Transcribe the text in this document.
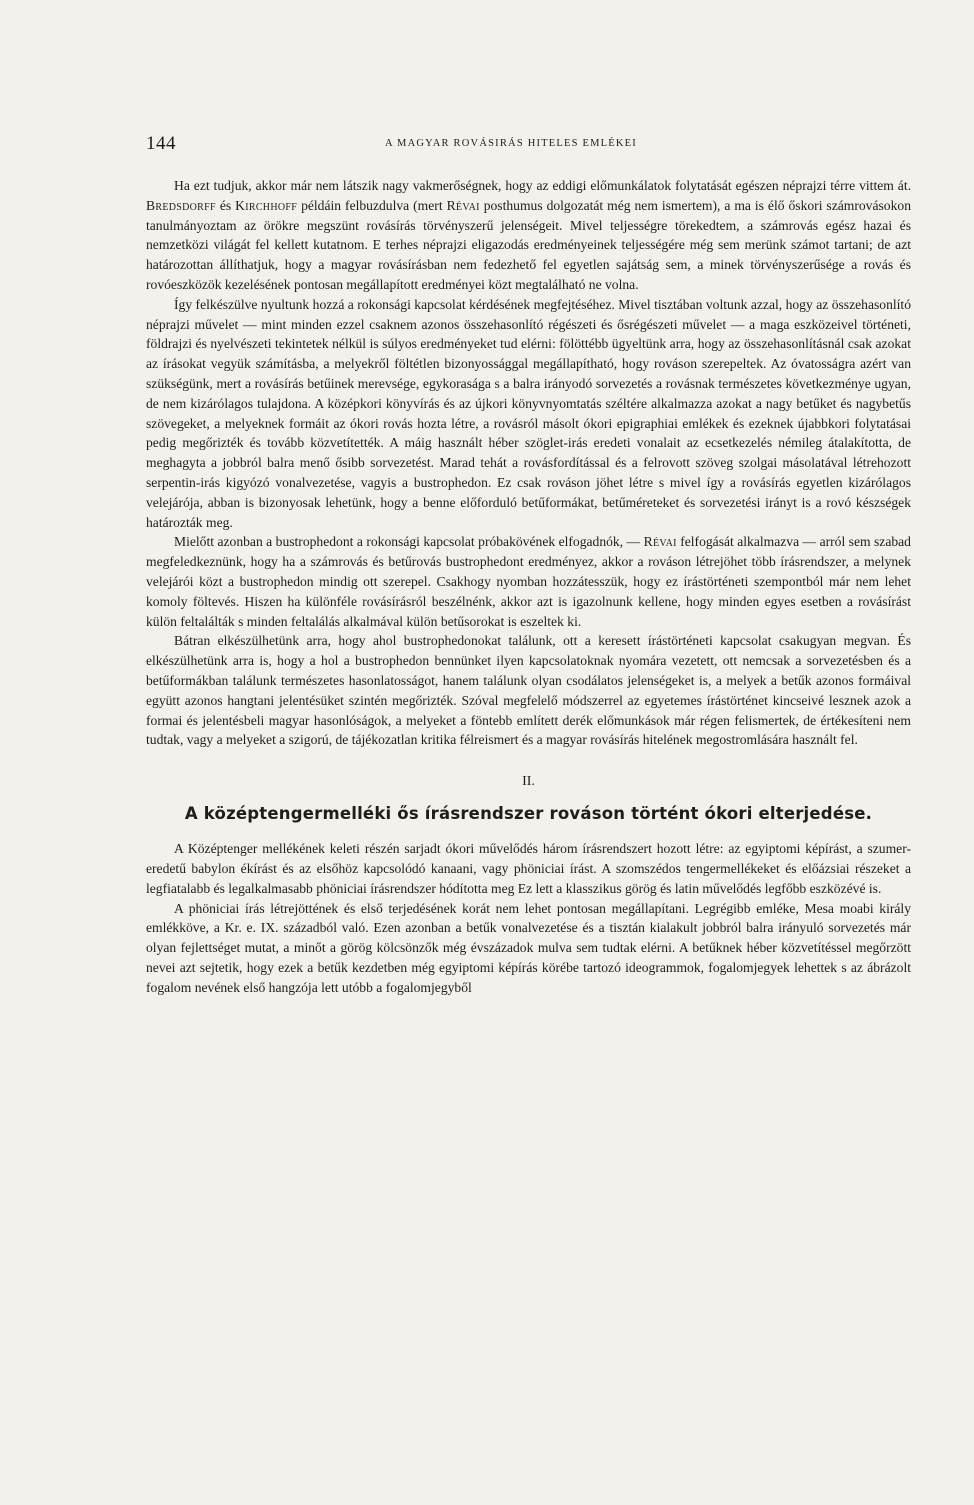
144	A MAGYAR ROVÁSIRÁS HITELES EMLÉKEI

Ha ezt tudjuk, akkor már nem látszik nagy vakmerőségnek, hogy az eddigi előmunkálatok folytatását egészen néprajzi térre vittem át. Bredsdorff és Kirchhoff példáin felbuzdulva (mert Révai posthumus dolgozatát még nem ismertem), a ma is élő őskori számrovásokon tanulmányoztam az örökre megszünt rovásírás törvényszerű jelenségeit. Mivel teljességre törekedtem, a számrovás egész hazai és nemzetközi világát fel kellett kutatnom. E terhes néprajzi eligazodás eredményeinek teljességére még sem merünk számot tartani; de azt határozottan állíthatjuk, hogy a magyar rovásírásban nem fedezhető fel egyetlen sajátság sem, a minek törvényszerűsége a rovás és rovóeszközök kezelésének pontosan megállapított eredményei közt megtalálható ne volna.

Így felkészülve nyultunk hozzá a rokonsági kapcsolat kérdésének megfejtéséhez. Mivel tisztában voltunk azzal, hogy az összehasonlító néprajzi művelet — mint minden ezzel csaknem azonos összehasonlító régészeti és ősrégészeti művelet — a maga eszközeivel történeti, földrajzi és nyelvészeti tekintetek nélkül is súlyos eredményeket tud elérni: fölöttébb ügyeltünk arra, hogy az összehasonlításnál csak azokat az írásokat vegyük számításba, a melyekről föltétlen bizonyossággal megállapítható, hogy rováson szerepeltek. Az óvatosságra azért van szükségünk, mert a rovásírás betűinek merevsége, egykorasága s a balra irányodó sorvezetés a rovásnak természetes következménye ugyan, de nem kizárólagos tulajdona. A középkori könyvírás és az újkori könyvnyomtatás széltére alkalmazza azokat a nagy betűket és nagybetűs szövegeket, a melyeknek formáit az ókori rovás hozta létre, a rovásról másolt ókori epigraphiai emlékek és ezeknek újabbkori folytatásai pedig megőrizték és tovább közvetítették. A máig használt héber szöglet-irás eredeti vonalait az ecsetkezelés némileg átalakította, de meghagyta a jobbról balra menő ősibb sorvezetést. Marad tehát a rovásfordítással és a felrovott szöveg szolgai másolatával létrehozott serpentin-irás kigyózó vonalvezetése, vagyis a bustrophedon. Ez csak rováson jöhet létre s mivel így a rovásírás egyetlen kizárólagos velejárója, abban is bizonyosak lehetünk, hogy a benne előforduló betűformákat, betűméreteket és sorvezetési irányt is a rovó készségek határozták meg.

Mielőtt azonban a bustrophedont a rokonsági kapcsolat próbakövének elfogadnók, — Révai felfogását alkalmazva — arról sem szabad megfeledkeznünk, hogy ha a számrovás és betűrovás bustrophedont eredményez, akkor a rováson létrejöhet több írásrendszer, a melynek velejárói közt a bustrophedon mindig ott szerepel. Csakhogy nyomban hozzátesszük, hogy ez írástörténeti szempontból már nem lehet komoly föltevés. Hiszen ha különféle rovásírásról beszélnénk, akkor azt is igazolnunk kellene, hogy minden egyes esetben a rovásírást külön feltalálták s minden feltalálás alkalmával külön betűsorokat is eszeltek ki.

Bátran elkészülhetünk arra, hogy ahol bustrophedonokat találunk, ott a keresett írástörténeti kapcsolat csakugyan megvan. És elkészülhetünk arra is, hogy a hol a bustrophedon bennünket ilyen kapcsolatoknak nyomára vezetett, ott nemcsak a sorvezetésben és a betűformákban találunk természetes hasonlatosságot, hanem találunk olyan csodálatos jelenségeket is, a melyek a betűk azonos formáival együtt azonos hangtani jelentésüket szintén megőrizték. Szóval megfelelő módszerrel az egyetemes írástörténet kincseivé lesznek azok a formai és jelentésbeli magyar hasonlóságok, a melyeket a föntebb említett derék előmunkások már régen felismertek, de értékesíteni nem tudtak, vagy a melyeket a szigorú, de tájékozatlan kritika félreismert és a magyar rovásírás hitelének megostromlására használt fel.

II.
A középtengermelléki ős írásrendszer rováson történt ókori elterjedése.

A Középtenger mellékének keleti részén sarjadt ókori művelődés három írásrendszert hozott létre: az egyiptomi képírást, a szumer-eredetű babylon ékírást és az elsőhöz kapcsolódó kanaani, vagy phöniciai írást. A szomszédos tengermellékeket és előázsiai részeket a legfiatalabb és legalkalmasabb phöniciai írásrendszer hódította meg Ez lett a klasszikus görög és latin művelődés legfőbb eszközévé is.

A phöniciai írás létrejöttének és első terjedésének korát nem lehet pontosan megállapítani. Legrégibb emléke, Mesa moabi király emlékköve, a Kr. e. IX. századból való. Ezen azonban a betűk vonalvezetése és a tisztán kialakult jobbról balra irányuló sorvezetés már olyan fejlettséget mutat, a minőt a görög kölcsönzők még évszázadok mulva sem tudtak elérni. A betűknek héber közvetítéssel megőrzött nevei azt sejtetik, hogy ezek a betűk kezdetben még egyiptomi képírás körébe tartozó ideogrammok, fogalomjegyek lehettek s az ábrázolt fogalom nevének első hangzója lett utóbb a fogalomjegyből
